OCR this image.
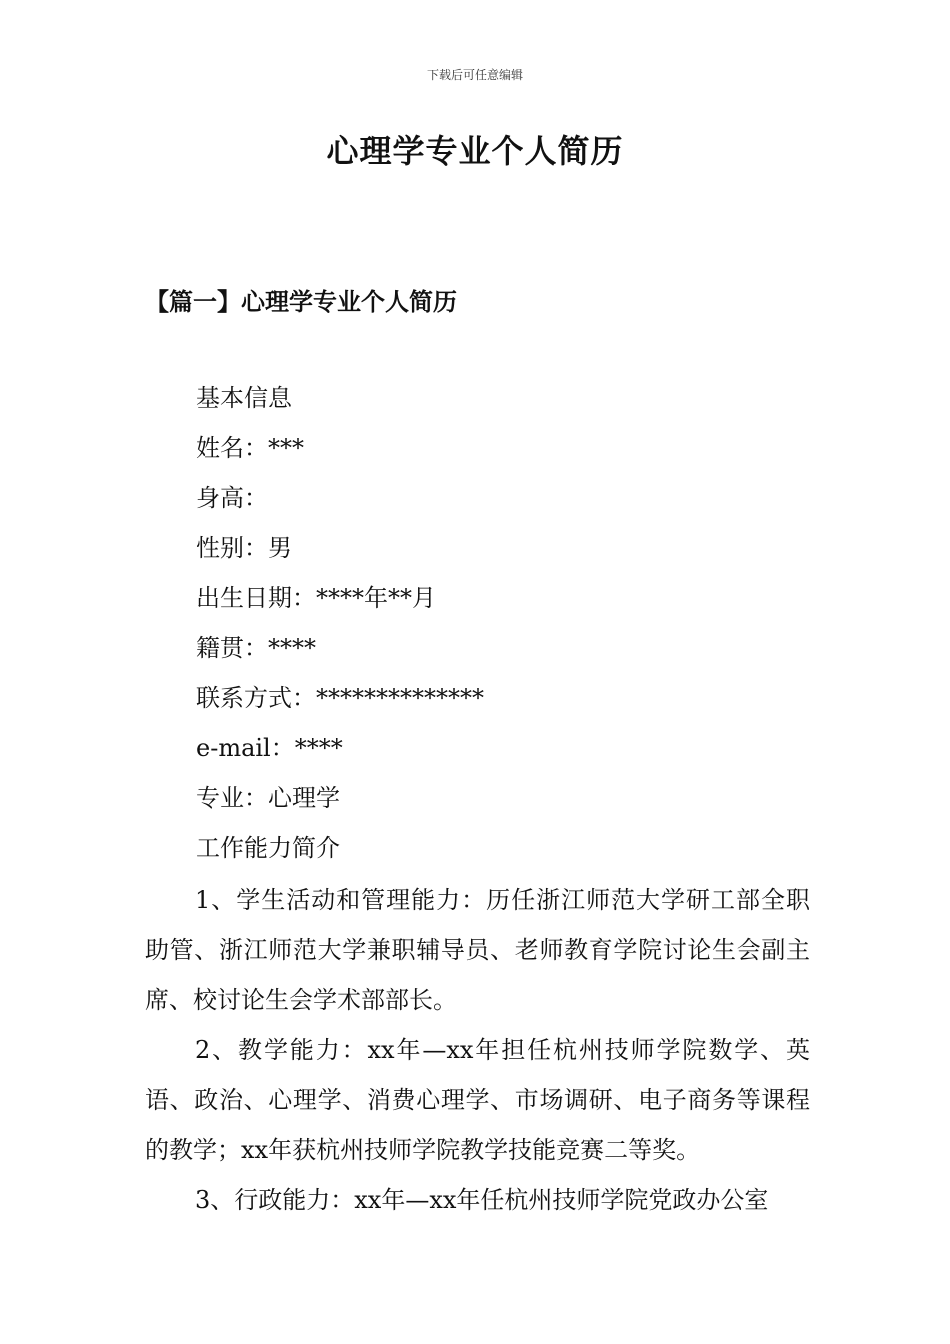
下载后可任意编辑
心理学专业个人简历
【篇一】心理学专业个人简历
基本信息
姓名：***
身高：
性别：男
出生日期：****年**月
籍贯：****
联系方式：**************
e-mail：****
专业：心理学
工作能力简介

1、学生活动和管理能力：历任浙江师范大学研工部全职助管、浙江师范大学兼职辅导员、老师教育学院讨论生会副主席、校讨论生会学术部部长。

2、教学能力：xx年—xx年担任杭州技师学院数学、英语、政治、心理学、消费心理学、市场调研、电子商务等课程的教学；xx年获杭州技师学院教学技能竞赛二等奖。

3、行政能力：xx年—xx年任杭州技师学院党政办公室
